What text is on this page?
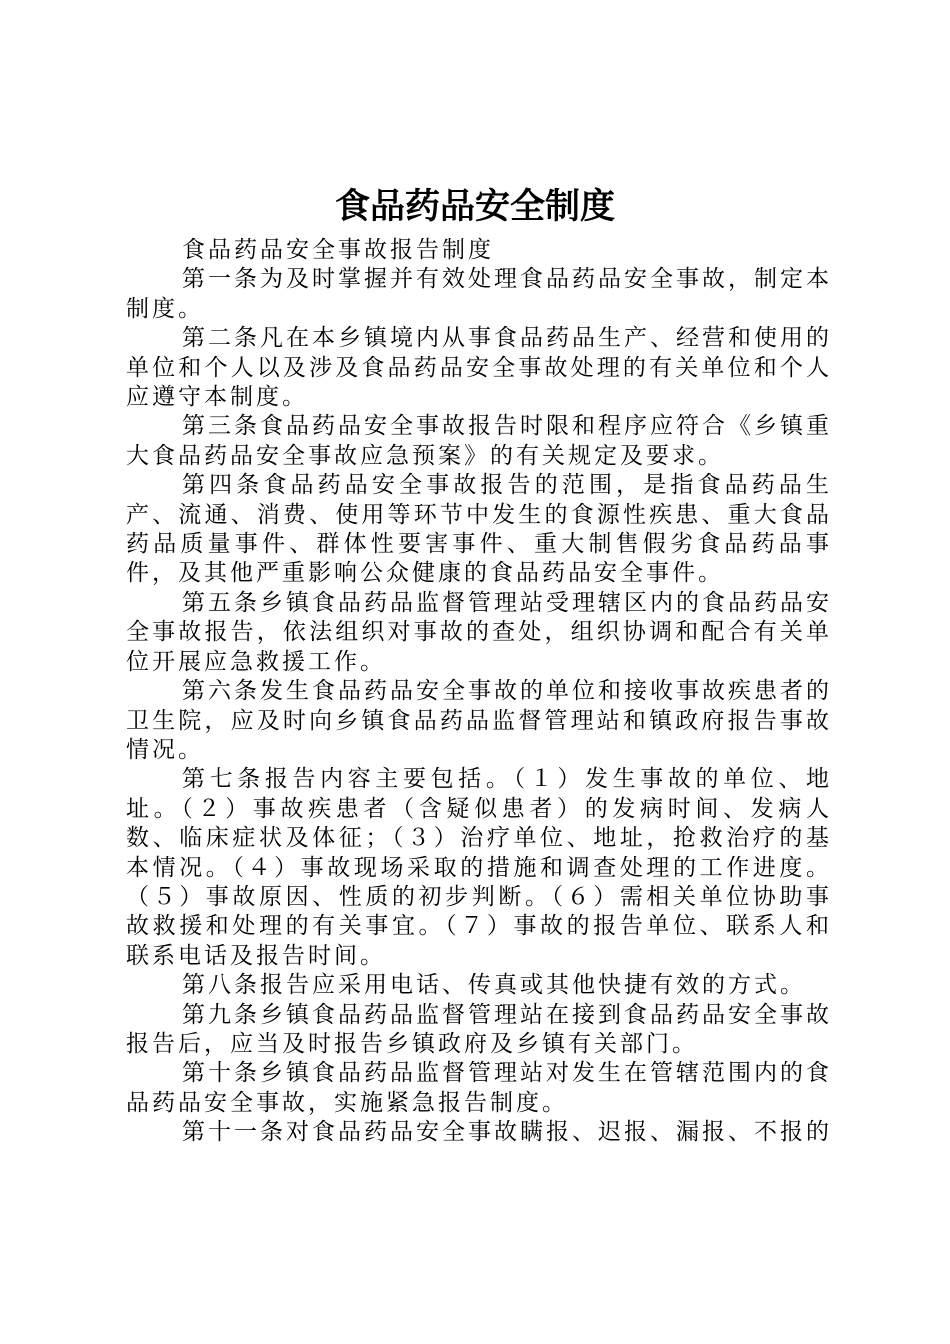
食品药品安全制度

食品药品安全事故报告制度

第一条为及时掌握并有效处理食品药品安全事故，制定本制度。

第二条凡在本乡镇境内从事食品药品生产、经营和使用的单位和个人以及涉及食品药品安全事故处理的有关单位和个人应遵守本制度。

第三条食品药品安全事故报告时限和程序应符合《乡镇重大食品药品安全事故应急预案》的有关规定及要求。

第四条食品药品安全事故报告的范围，是指食品药品生产、流通、消费、使用等环节中发生的食源性疾患、重大食品药品质量事件、群体性要害事件、重大制售假劣食品药品事件，及其他严重影响公众健康的食品药品安全事件。

第五条乡镇食品药品监督管理站受理辖区内的食品药品安全事故报告，依法组织对事故的查处，组织协调和配合有关单位开展应急救援工作。

第六条发生食品药品安全事故的单位和接收事故疾患者的卫生院，应及时向乡镇食品药品监督管理站和镇政府报告事故情况。

第七条报告内容主要包括。（１）发生事故的单位、地址。（２）事故疾患者（含疑似患者）的发病时间、发病人数、临床症状及体征；（３）治疗单位、地址，抢救治疗的基本情况。（４）事故现场采取的措施和调查处理的工作进度。（５）事故原因、性质的初步判断。（６）需相关单位协助事故救援和处理的有关事宜。（７）事故的报告单位、联系人和联系电话及报告时间。

第八条报告应采用电话、传真或其他快捷有效的方式。

第九条乡镇食品药品监督管理站在接到食品药品安全事故报告后，应当及时报告乡镇政府及乡镇有关部门。

第十条乡镇食品药品监督管理站对发生在管辖范围内的食品药品安全事故，实施紧急报告制度。

第十一条对食品药品安全事故瞒报、迟报、漏报、不报的
